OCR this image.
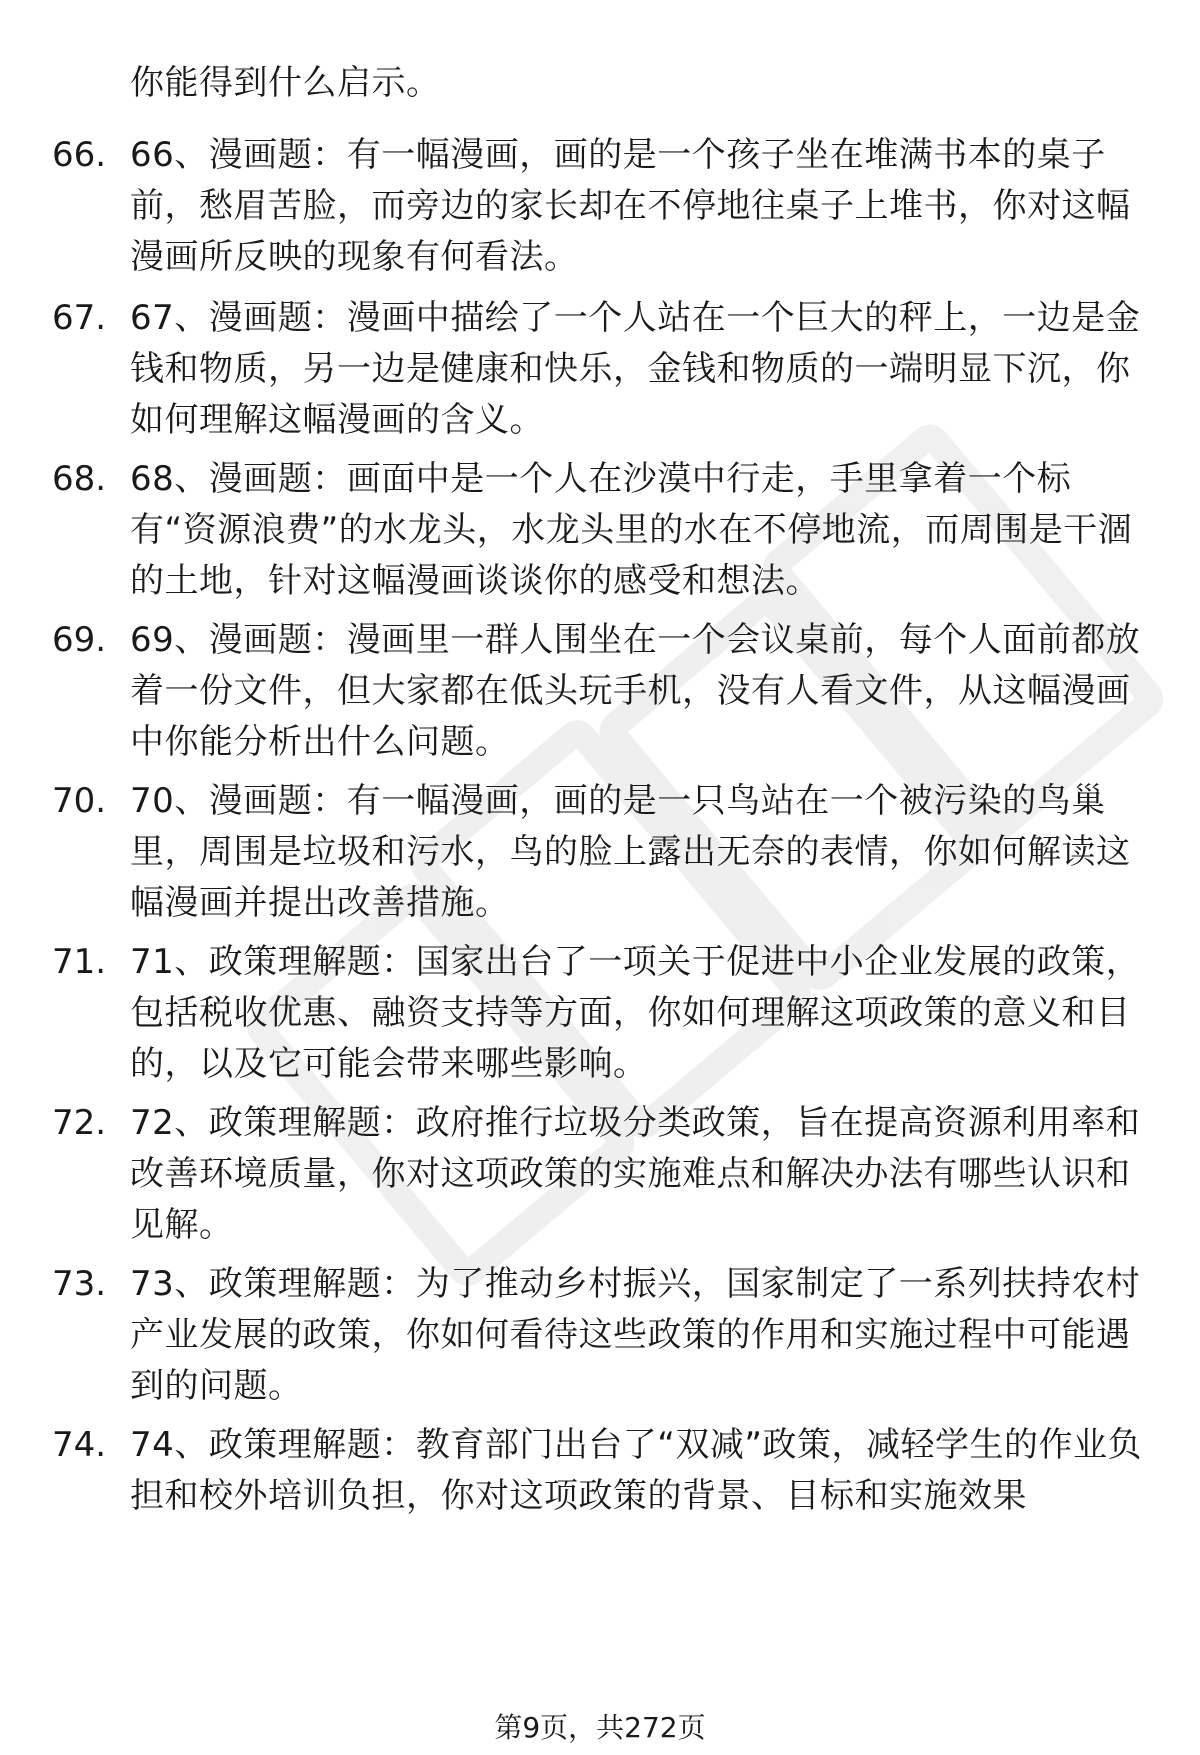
你能得到什么启示。

66. 66、漫画题：有一幅漫画，画的是一个孩子坐在堆满书本的桌子前，愁眉苦脸，而旁边的家长却在不停地往桌子上堆书，你对这幅漫画所反映的现象有何看法。

67. 67、漫画题：漫画中描绘了一个人站在一个巨大的秤上，一边是金钱和物质，另一边是健康和快乐，金钱和物质的一端明显下沉，你如何理解这幅漫画的含义。

68. 68、漫画题：画面中是一个人在沙漠中行走，手里拿着一个标有“资源浪费”的水龙头，水龙头里的水在不停地流，而周围是干涸的土地，针对这幅漫画谈谈你的感受和想法。

69. 69、漫画题：漫画里一群人围坐在一个会议桌前，每个人面前都放着一份文件，但大家都在低头玩手机，没有人看文件，从这幅漫画中你能分析出什么问题。

70. 70、漫画题：有一幅漫画，画的是一只鸟站在一个被污染的鸟巢里，周围是垃圾和污水，鸟的脸上露出无奈的表情，你如何解读这幅漫画并提出改善措施。

71. 71、政策理解题：国家出台了一项关于促进中小企业发展的政策，包括税收优惠、融资支持等方面，你如何理解这项政策的意义和目的，以及它可能会带来哪些影响。

72. 72、政策理解题：政府推行垃圾分类政策，旨在提高资源利用率和改善环境质量，你对这项政策的实施难点和解决办法有哪些认识和见解。

73. 73、政策理解题：为了推动乡村振兴，国家制定了一系列扶持农村产业发展的政策，你如何看待这些政策的作用和实施过程中可能遇到的问题。

74. 74、政策理解题：教育部门出台了“双减”政策，减轻学生的作业负担和校外培训负担，你对这项政策的背景、目标和实施效果

第9页，共272页
